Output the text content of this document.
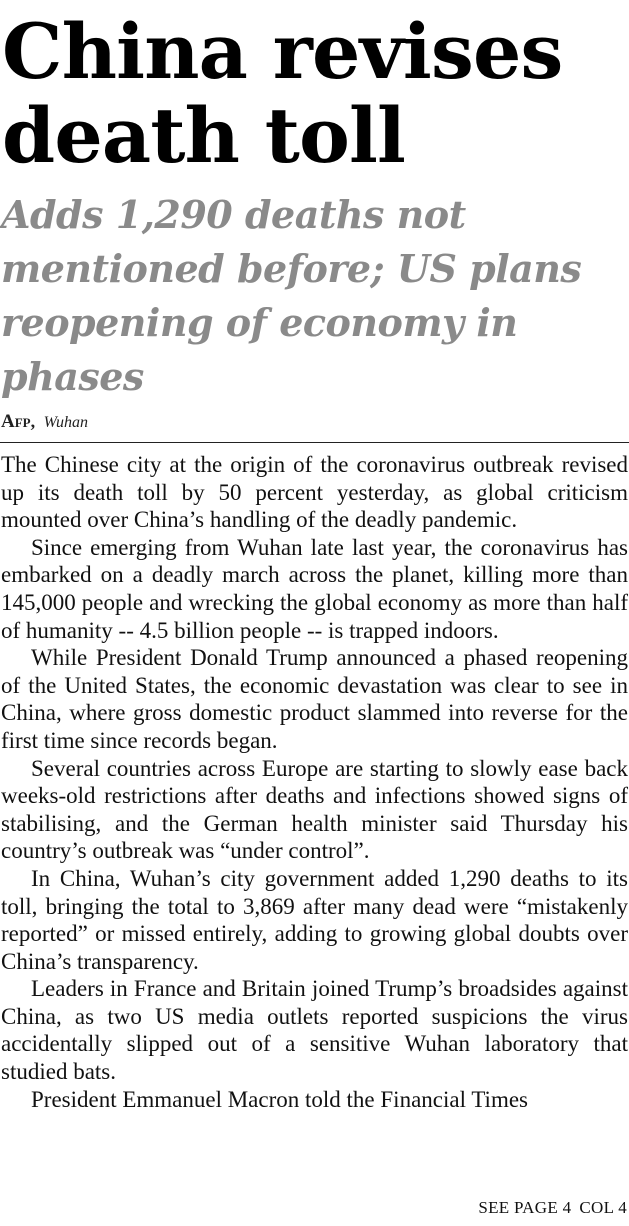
China revises death toll
Adds 1,290 deaths not mentioned before; US plans reopening of economy in phases
Afp, Wuhan

The Chinese city at the origin of the coronavirus outbreak revised up its death toll by 50 percent yesterday, as global criticism mounted over China’s handling of the deadly pandemic.

Since emerging from Wuhan late last year, the coronavirus has embarked on a deadly march across the planet, killing more than 145,000 people and wrecking the global economy as more than half of humanity -- 4.5 billion people -- is trapped indoors.

While President Donald Trump announced a phased reopening of the United States, the economic devastation was clear to see in China, where gross domestic product slammed into reverse for the first time since records began.

Several countries across Europe are starting to slowly ease back weeks-old restrictions after deaths and infections showed signs of stabilising, and the German health minister said Thursday his country’s outbreak was “under control”.

In China, Wuhan’s city government added 1,290 deaths to its toll, bringing the total to 3,869 after many dead were “mistakenly reported” or missed entirely, adding to growing global doubts over China’s transparency.

Leaders in France and Britain joined Trump’s broadsides against China, as two US media outlets reported suspicions the virus accidentally slipped out of a sensitive Wuhan laboratory that studied bats.

President Emmanuel Macron told the Financial Times

SEE PAGE 4 COL 4
